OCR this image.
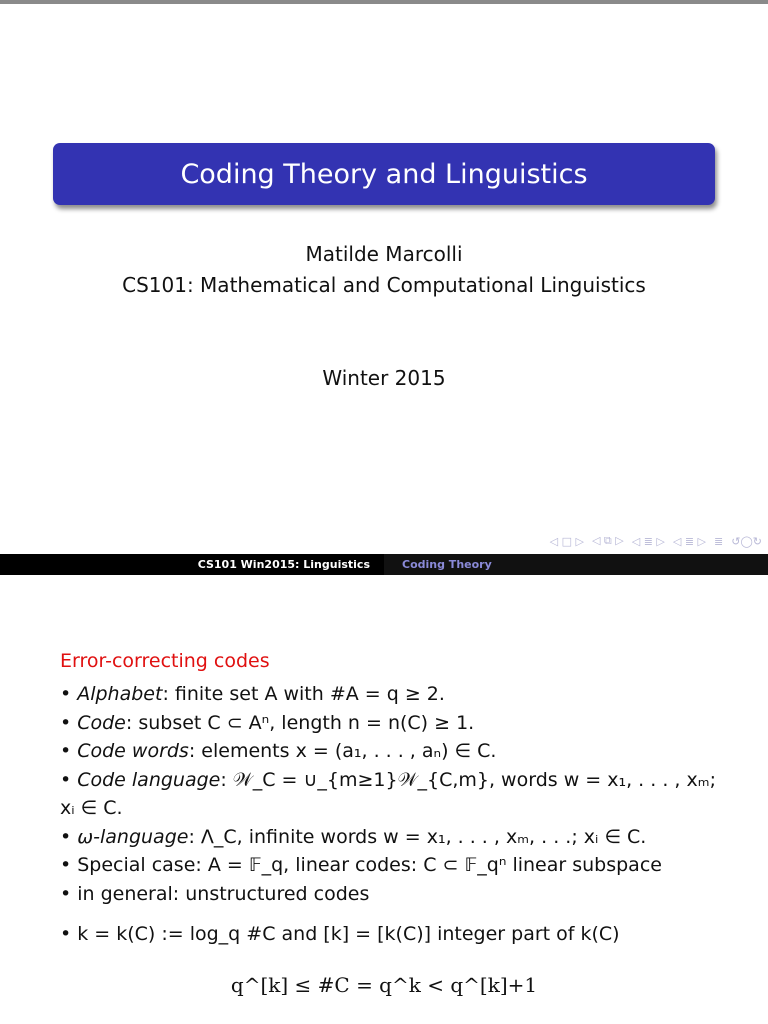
Coding Theory and Linguistics
Matilde Marcolli
CS101: Mathematical and Computational Linguistics
Winter 2015
◁ □ ▷ ◁ ⧉ ▷ ◁ ≣ ▷ ◁ ≣ ▷ ≣ ↺◯↻
CS101 Win2015: Linguistics	Coding Theory
Error-correcting codes
• Alphabet: finite set A with #A = q ≥ 2.
• Code: subset C ⊂ Aⁿ, length n = n(C) ≥ 1.
• Code words: elements x = (a₁, . . . , aₙ) ∈ C.
• Code language: 𝒲_C = ∪_{m≥1}𝒲_{C,m}, words w = x₁, . . . , xₘ;
xᵢ ∈ C.
• ω-language: Λ_C, infinite words w = x₁, . . . , xₘ, . . .; xᵢ ∈ C.
• Special case: A = 𝔽_q, linear codes: C ⊂ 𝔽_qⁿ linear subspace
• in general: unstructured codes
• k = k(C) := log_q #C and [k] = [k(C)] integer part of k(C)
q^[k] ≤ #C = q^k < q^[k]+1
